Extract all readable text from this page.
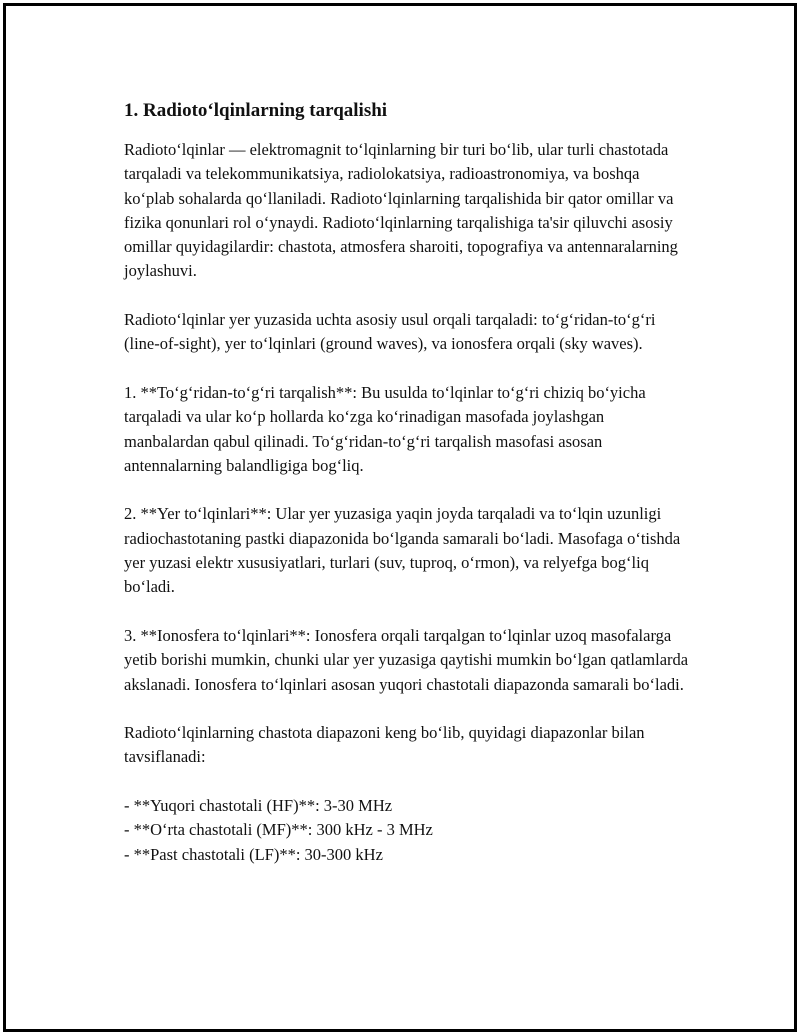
1. Radioto‘lqinlarning tarqalishi

Radioto‘lqinlar — elektromagnit to‘lqinlarning bir turi bo‘lib, ular turli chastotada tarqaladi va telekommunikatsiya, radiolokatsiya, radioastronomiya, va boshqa ko‘plab sohalarda qo‘llaniladi. Radioto‘lqinlarning tarqalishida bir qator omillar va fizika qonunlari rol o‘ynaydi. Radioto‘lqinlarning tarqalishiga ta'sir qiluvchi asosiy omillar quyidagilardir: chastota, atmosfera sharoiti, topografiya va antennaralarning joylashuvi.

Radioto‘lqinlar yer yuzasida uchta asosiy usul orqali tarqaladi: to‘g‘ridan-to‘g‘ri (line-of-sight), yer to‘lqinlari (ground waves), va ionosfera orqali (sky waves).

1. **To‘g‘ridan-to‘g‘ri tarqalish**: Bu usulda to‘lqinlar to‘g‘ri chiziq bo‘yicha tarqaladi va ular ko‘p hollarda ko‘zga ko‘rinadigan masofada joylashgan manbalardan qabul qilinadi. To‘g‘ridan-to‘g‘ri tarqalish masofasi asosan antennalarning balandligiga bog‘liq.

2. **Yer to‘lqinlari**: Ular yer yuzasiga yaqin joyda tarqaladi va to‘lqin uzunligi radiochastotaning pastki diapazonida bo‘lganda samarali bo‘ladi. Masofaga o‘tishda yer yuzasi elektr xususiyatlari, turlari (suv, tuproq, o‘rmon), va relyefga bog‘liq bo‘ladi.

3. **Ionosfera to‘lqinlari**: Ionosfera orqali tarqalgan to‘lqinlar uzoq masofalarga yetib borishi mumkin, chunki ular yer yuzasiga qaytishi mumkin bo‘lgan qatlamlarda akslanadi. Ionosfera to‘lqinlari asosan yuqori chastotali diapazonda samarali bo‘ladi.

Radioto‘lqinlarning chastota diapazoni keng bo‘lib, quyidagi diapazonlar bilan tavsiflanadi:

- **Yuqori chastotali (HF)**: 3-30 MHz
- **O‘rta chastotali (MF)**: 300 kHz - 3 MHz
- **Past chastotali (LF)**: 30-300 kHz
